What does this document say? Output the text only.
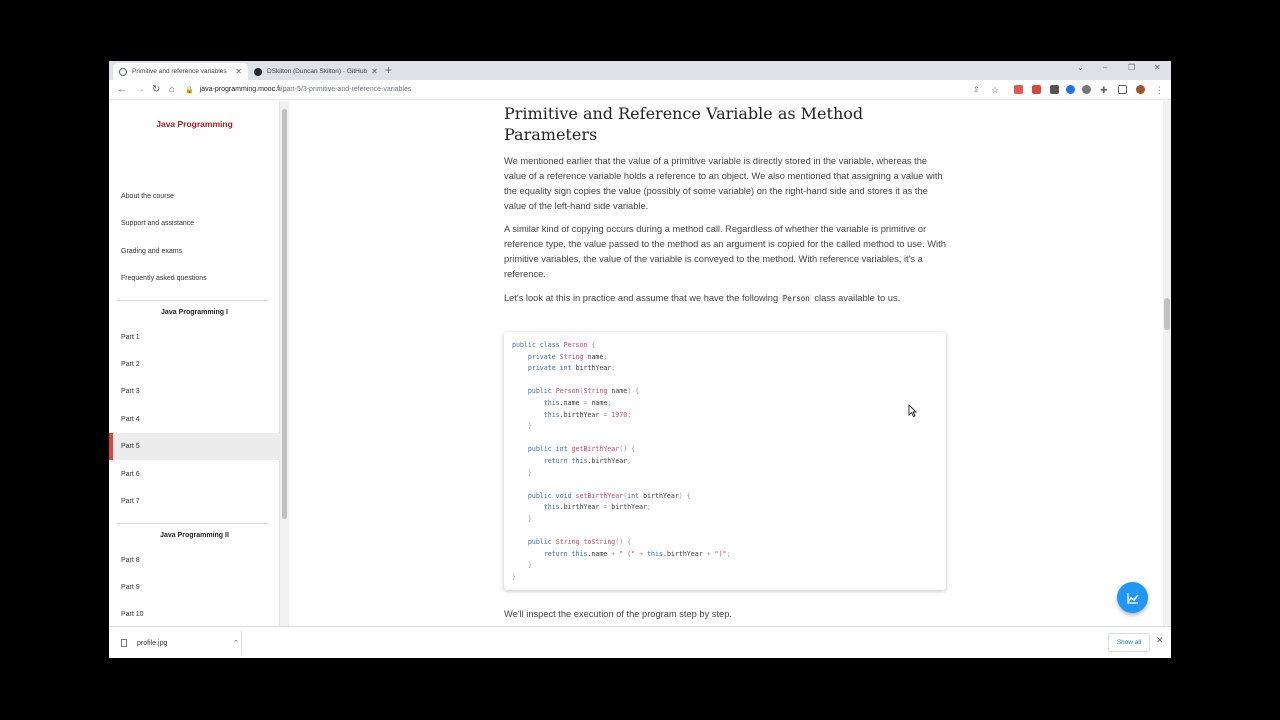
Primitive and reference variables	✕	DSkilton (Duncan Skilton) · GitHub ✕ +	⌄ –	❐ ✕
← → ↻ ⌂ 🔒 java-programming.mooc.fi /part-5/3-primitive-and-reference-variables	⇪ ☆	✚	⋮
Java Programming
About the course
Support and assistance
Grading and exams
Frequently asked questions
Java Programming I
Part 1
Part 2
Part 3
Part 4
Part 5
Part 6
Part 7
Java Programming II
Part 8
Part 9
Part 10
Primitive and Reference Variable as Method Parameters

We mentioned earlier that the value of a primitive variable is directly stored in the variable, whereas the value of a reference variable holds a reference to an object. We also mentioned that assigning a value with the equality sign copies the value (possibly of some variable) on the right-hand side and stores it as the value of the left-hand side variable.

A similar kind of copying occurs during a method call. Regardless of whether the variable is primitive or reference type, the value passed to the method as an argument is copied for the called method to use. With primitive variables, the value of the variable is conveyed to the method. With reference variables, it's a reference.

Let's look at this in practice and assume that we have the following Person class available to us.

public class Person {
private String name;
private int birthYear;

public Person(String name) {
this.name = name;
this.birthYear = 1970;
}

public int getBirthYear() {
return this.birthYear;
}

public void setBirthYear(int birthYear) {
this.birthYear = birthYear;
}

public String toString() {
return this.name + " (" + this.birthYear + ")";
}
}

We'll inspect the execution of the program step by step.

profile.jpg	⌃	Show all	✕
